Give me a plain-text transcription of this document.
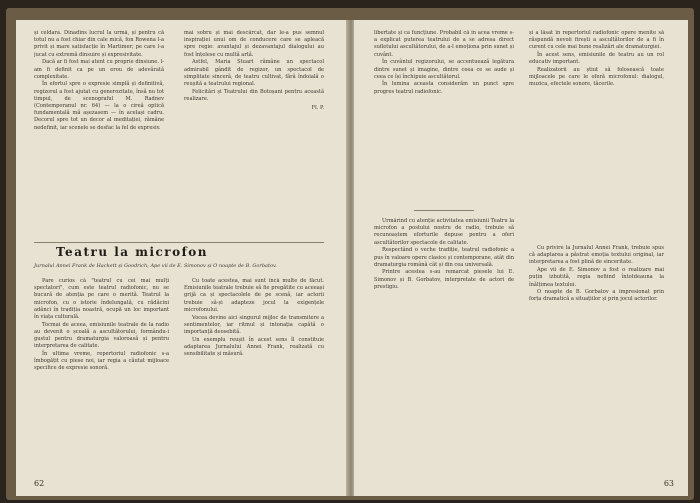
și celdara. Dinadins lucrul la urmă, și pentru că totul nu a fost chiar din cale mică, fon Rowena l-a privit și mare satisfacție în Martimer; pe care l-a jucat cu extremă dinsuire și expresivitate.

Dacă ar fi fost mai atent cu proprie dinsiune. l-am fi definit ca pe un erou de adevărată complexitate.

În efortul spre o expresie simplă și definitivă, regizorul a fost ajutat cu generozitate, însă nu tot timpul, de scenograful M. Radnev (Contemporanul nr. 64) — la o cireă optică fundamentală mă așezasem — în același cadru. Decorul spre tot un decor al meditației, rămâne nedefinit, iar scenele se desfac la fel de expresiv.

mai sobru și mai descărcat, dar le-a pus semnul inspirației unui om de conducere care se apleacă spre regie: avantajul și dezavantajul dialogului au fost înțelese cu multă artă.

Astfel, Maria Stuart rămâne un spectacol admirabil gândit de regizor, un spectacol de simplitate sinceră, de teatru cultivat, fără îndoială o reușită a teatrului regional.

Felicitări și Teatrului din Botoșani pentru această realizare.

Fl. P.
Teatru la microfon
Jurnalul Annei Frank de Hackett și Goodrich; Ape vii de E. Simonov și O noapte de B. Gorbatov.

Pare curios că "teatrul cu cei mai mulți spectatori", cum este teatrul radiofonic, nu se bucură de atenția pe care o merită. Teatrul la microfon, cu o istorie îndelungată, cu rădăcini adânci în tradiția noastră, ocupă un loc important în viața culturală.

Tocmai de aceea, emisiunile teatrale de la radio au devenit o școală a ascultătorului, formându-i gustul pentru dramaturgia valoroasă și pentru interpretarea de calitate.

În ultima vreme, repertoriul radiofonic s-a îmbogățit cu piese noi, iar regia a căutat mijloace specifice de expresie sonoră.

Cu toate acestea, mai sunt încă multe de făcut. Emisiunile teatrale trebuie să fie pregătite cu aceeași grijă ca și spectacolele de pe scenă, iar actorii trebuie să-și adapteze jocul la exigențele microfonului.

Vocea devine aici singurul mijloc de transmitere a sentimentelor, iar ritmul și intonația capătă o importanță deosebită.

Un exemplu reușit în acest sens îl constituie adaptarea Jurnalului Annei Frank, realizată cu sensibilitate și măsură.

62

libertate și ca funcțiune. Probabil că în acea vreme s-a explicat puterea teatrului de a se adresa direct sufletului ascultătorului, de a-l emoționa prin sunet și cuvânt.

În cuvântul regizorului, se accentuează legătura dintre sunet și imagine, dintre ceea ce se aude și ceea ce își închipuie ascultătorul.

În lumina aceasta considerăm un punct spre progres teatrul radiofonic.

și a lăsat în repertoriul radiofonic opere menite să răspundă nevoii firești a ascultătorilor de a fi în curent cu cele mai bune realizări ale dramaturgiei.

În acest sens, emisiunile de teatru au un rol educativ important.

Realizatorii au știut să folosească toate mijloacele pe care le oferă microfonul: dialogul, muzica, efectele sonore, tăcerile.

Urmărind cu atenție activitatea emisiunii Teatru la microfon a postului nostru de radio, trebuie să recunoaștem eforturile depuse pentru a oferi ascultătorilor spectacole de calitate.

Respectând o veche tradiție, teatrul radiofonic a pus în valoare opere clasice și contemporane, atât din dramaturgia română cât și din cea universală.

Printre acestea s-au remarcat piesele lui E. Simonov și B. Gorbatov, interpretate de actori de prestigiu.

Cu privire la Jurnalul Annei Frank, trebuie spus că adaptarea a păstrat emoția textului original, iar interpretarea a fost plină de sinceritate.

Ape vii de E. Simonov a fost o realizare mai puțin izbutită, regia nefiind întotdeauna la înălțimea textului.

O noapte de B. Gorbatov a impresionat prin forța dramatică a situațiilor și prin jocul actorilor.

63
